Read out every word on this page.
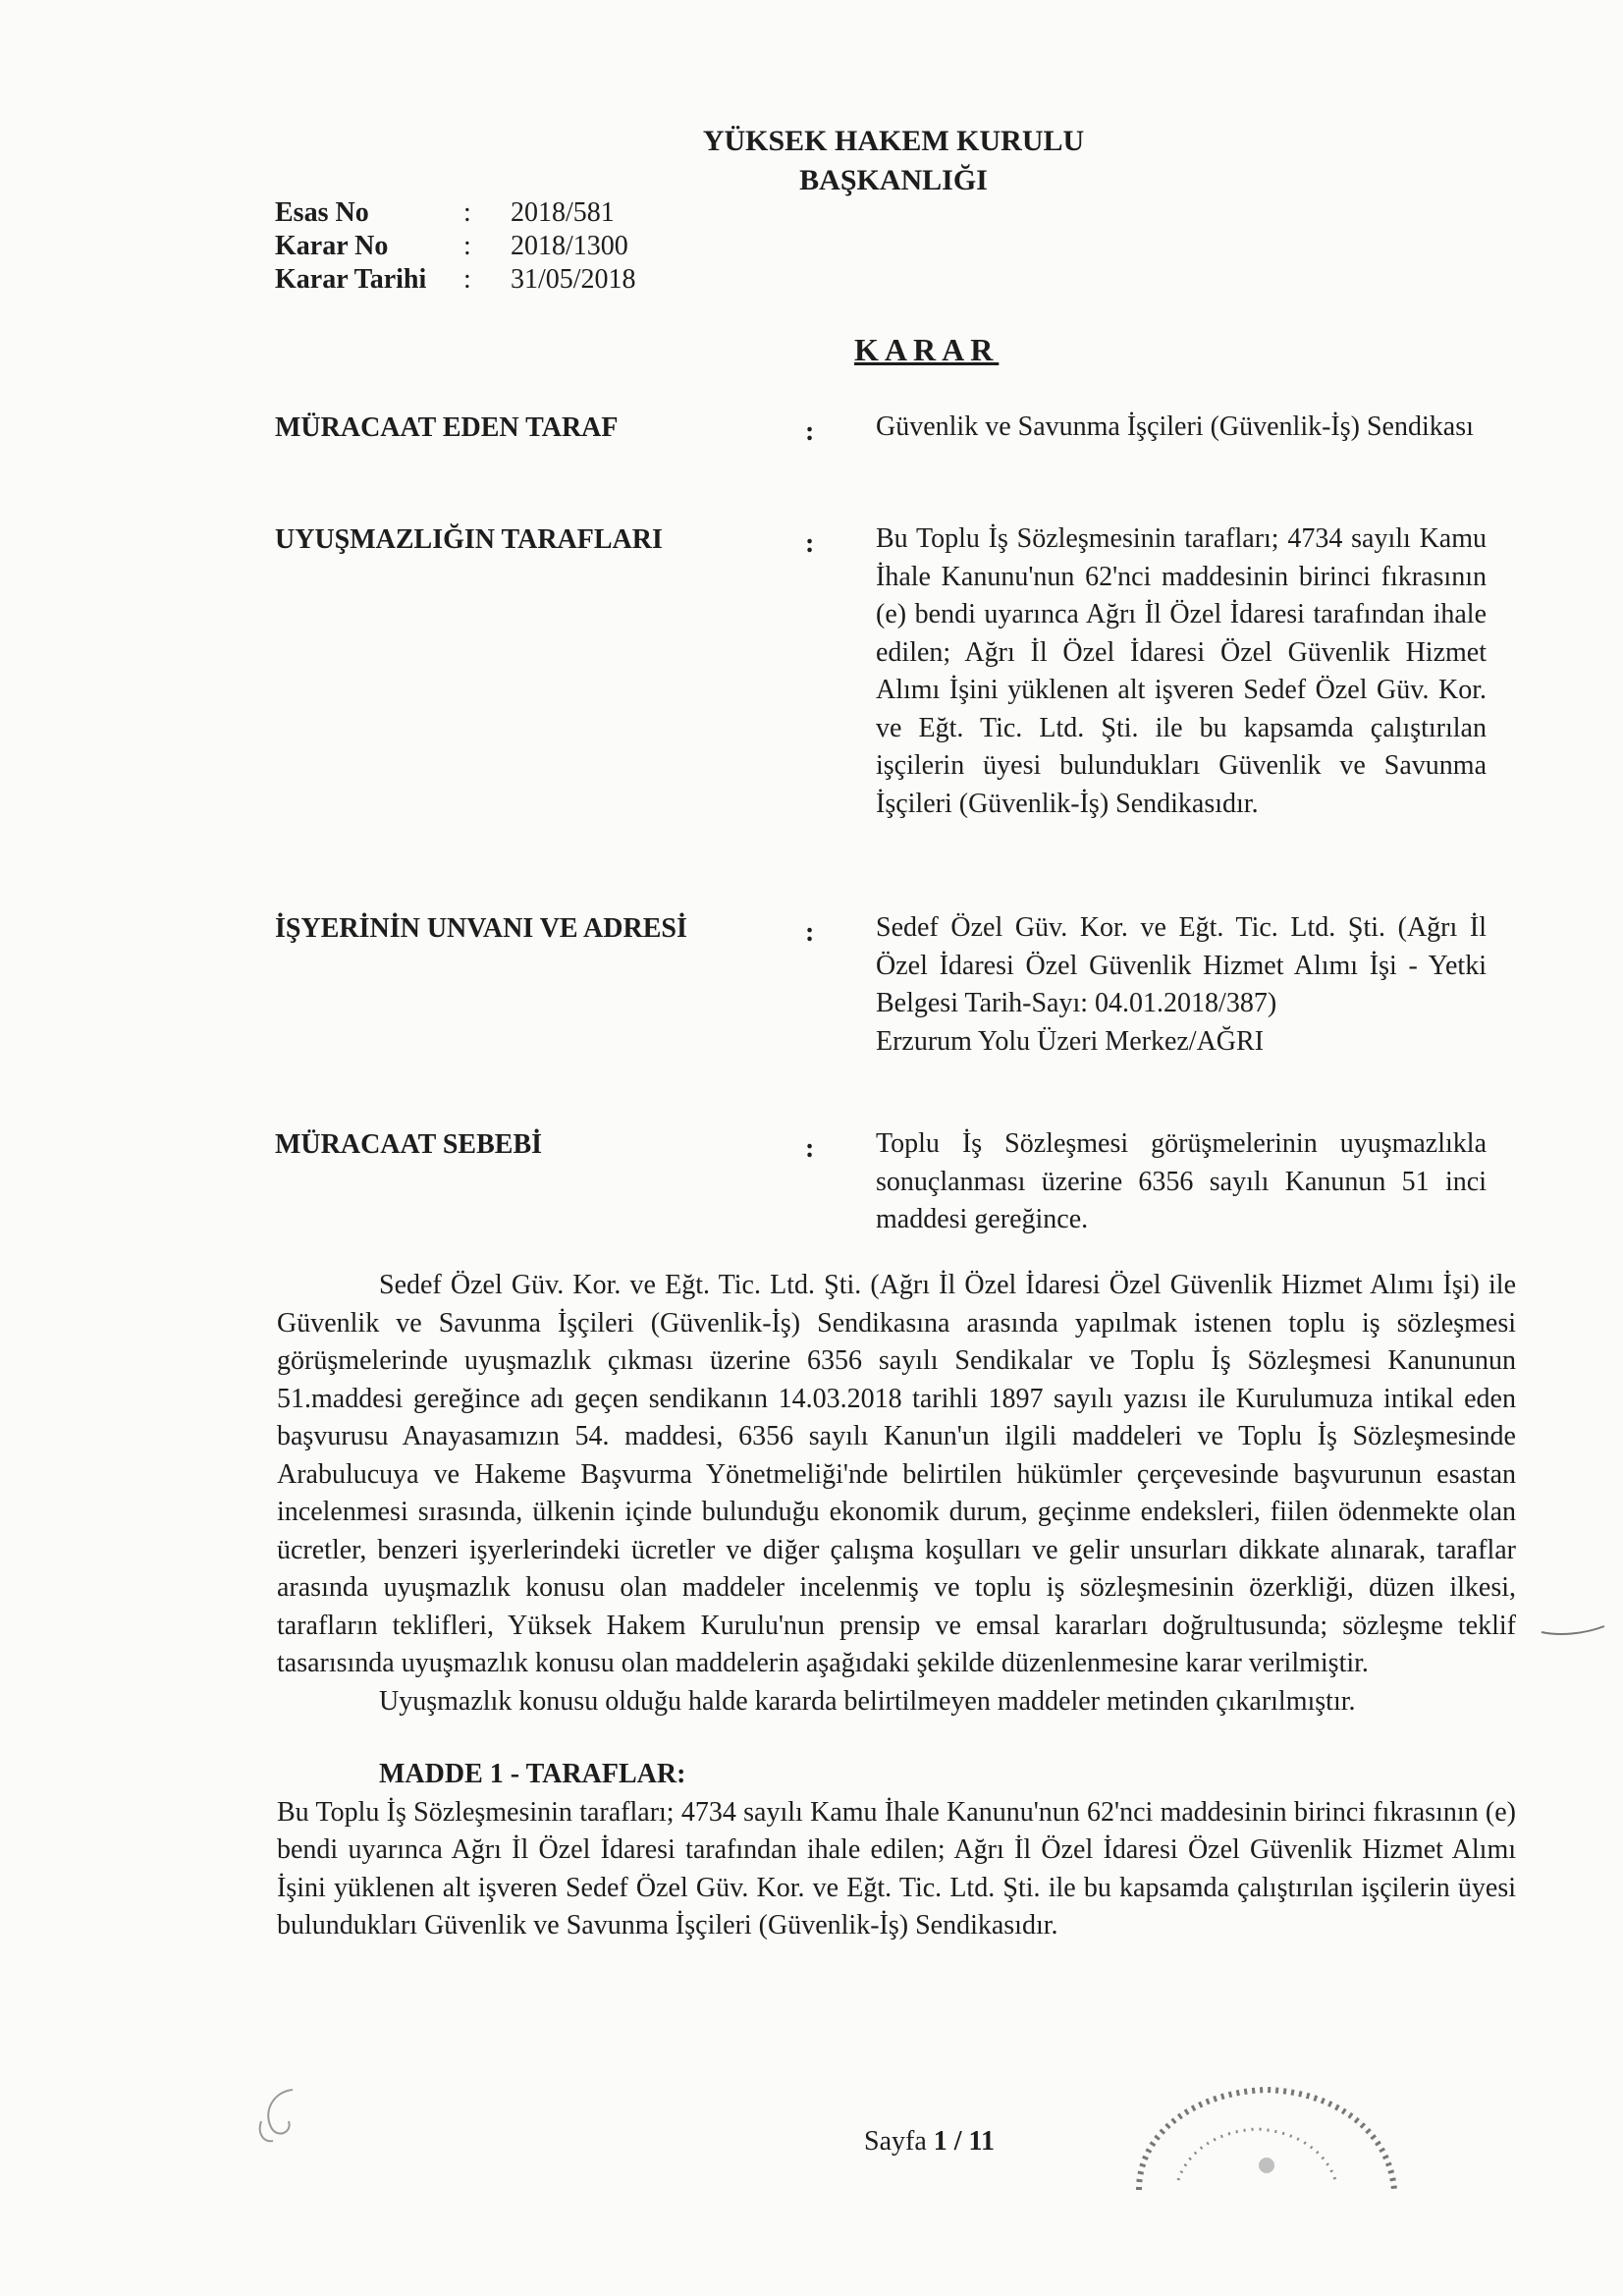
YÜKSEK HAKEM KURULU
BAŞKANLIĞI
Esas No	:	2018/581
Karar No	:	2018/1300
Karar Tarihi	:	31/05/2018
KARAR
MÜRACAAT EDEN TARAF	: Güvenlik ve Savunma İşçileri (Güvenlik-İş) Sendikası
UYUŞMAZLIĞIN TARAFLARI	: Bu Toplu İş Sözleşmesinin tarafları; 4734 sayılı Kamu İhale Kanunu'nun 62'nci maddesinin birinci fıkrasının (e) bendi uyarınca Ağrı İl Özel İdaresi tarafından ihale edilen; Ağrı İl Özel İdaresi Özel Güvenlik Hizmet Alımı İşini yüklenen alt işveren Sedef Özel Güv. Kor. ve Eğt. Tic. Ltd. Şti. ile bu kapsamda çalıştırılan işçilerin üyesi bulundukları Güvenlik ve Savunma İşçileri (Güvenlik-İş) Sendikasıdır.
İŞYERİNİN UNVANI VE ADRESİ	: Sedef Özel Güv. Kor. ve Eğt. Tic. Ltd. Şti. (Ağrı İl Özel İdaresi Özel Güvenlik Hizmet Alımı İşi - Yetki Belgesi Tarih-Sayı: 04.01.2018/387)
Erzurum Yolu Üzeri Merkez/AĞRI
MÜRACAAT SEBEBİ	: Toplu İş Sözleşmesi görüşmelerinin uyuşmazlıkla sonuçlanması üzerine 6356 sayılı Kanunun 51 inci maddesi gereğince.

Sedef Özel Güv. Kor. ve Eğt. Tic. Ltd. Şti. (Ağrı İl Özel İdaresi Özel Güvenlik Hizmet Alımı İşi) ile Güvenlik ve Savunma İşçileri (Güvenlik-İş) Sendikasına arasında yapılmak istenen toplu iş sözleşmesi görüşmelerinde uyuşmazlık çıkması üzerine 6356 sayılı Sendikalar ve Toplu İş Sözleşmesi Kanununun 51.maddesi gereğince adı geçen sendikanın 14.03.2018 tarihli 1897 sayılı yazısı ile Kurulumuza intikal eden başvurusu Anayasamızın 54. maddesi, 6356 sayılı Kanun'un ilgili maddeleri ve Toplu İş Sözleşmesinde Arabulucuya ve Hakeme Başvurma Yönetmeliği'nde belirtilen hükümler çerçevesinde başvurunun esastan incelenmesi sırasında, ülkenin içinde bulunduğu ekonomik durum, geçinme endeksleri, fiilen ödenmekte olan ücretler, benzeri işyerlerindeki ücretler ve diğer çalışma koşulları ve gelir unsurları dikkate alınarak, taraflar arasında uyuşmazlık konusu olan maddeler incelenmiş ve toplu iş sözleşmesinin özerkliği, düzen ilkesi, tarafların teklifleri, Yüksek Hakem Kurulu'nun prensip ve emsal kararları doğrultusunda; sözleşme teklif tasarısında uyuşmazlık konusu olan maddelerin aşağıdaki şekilde düzenlenmesine karar verilmiştir.

Uyuşmazlık konusu olduğu halde kararda belirtilmeyen maddeler metinden çıkarılmıştır.

MADDE 1 - TARAFLAR:

Bu Toplu İş Sözleşmesinin tarafları; 4734 sayılı Kamu İhale Kanunu'nun 62'nci maddesinin birinci fıkrasının (e) bendi uyarınca Ağrı İl Özel İdaresi tarafından ihale edilen; Ağrı İl Özel İdaresi Özel Güvenlik Hizmet Alımı İşini yüklenen alt işveren Sedef Özel Güv. Kor. ve Eğt. Tic. Ltd. Şti. ile bu kapsamda çalıştırılan işçilerin üyesi bulundukları Güvenlik ve Savunma İşçileri (Güvenlik-İş) Sendikasıdır.

Sayfa 1 / 11
